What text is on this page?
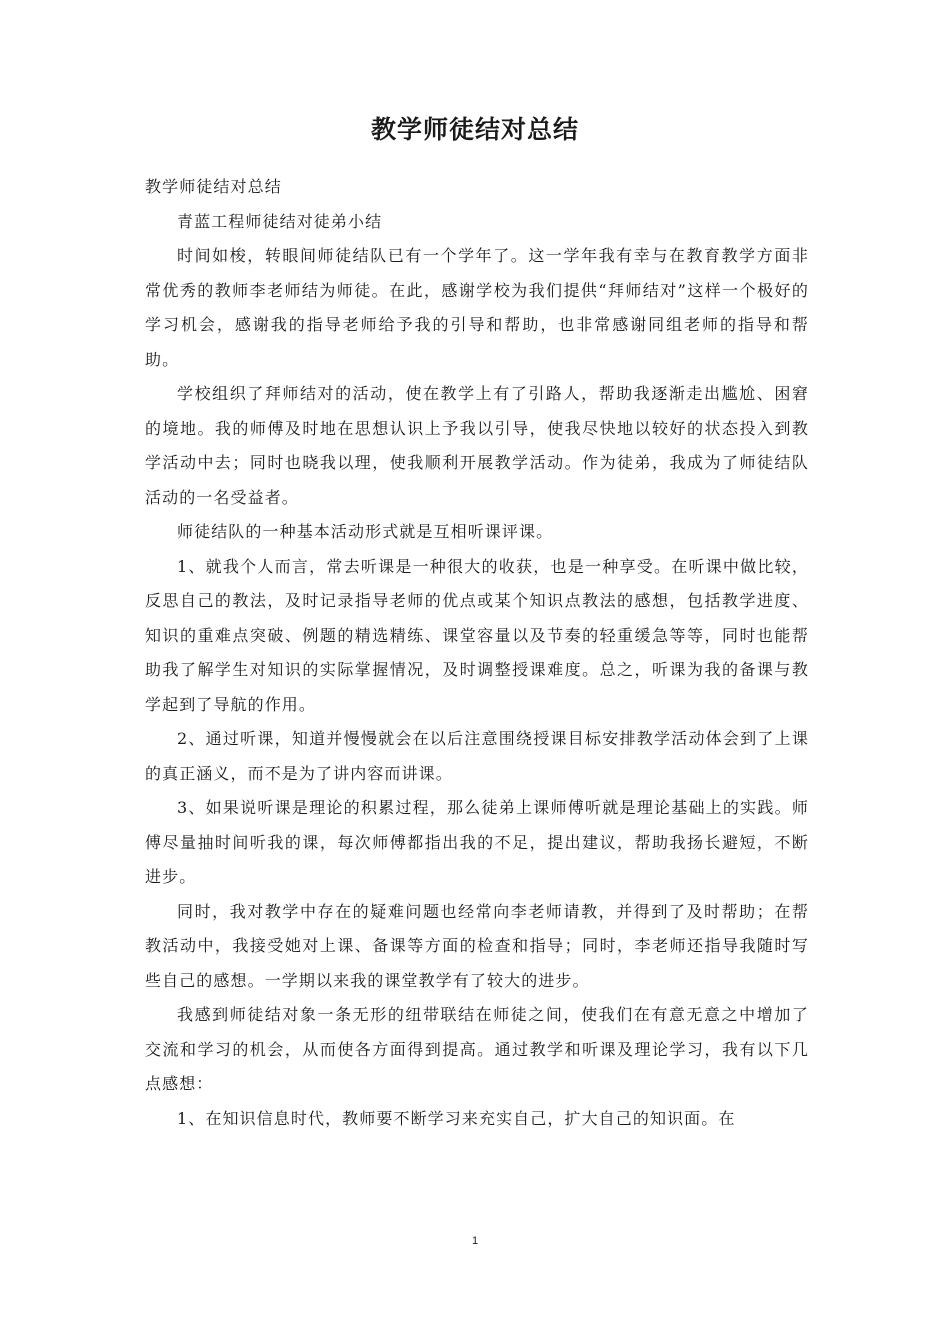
教学师徒结对总结

教学师徒结对总结

青蓝工程师徒结对徒弟小结

时间如梭，转眼间师徒结队已有一个学年了。这一学年我有幸与在教育教学方面非常优秀的教师李老师结为师徒。在此，感谢学校为我们提供“拜师结对”这样一个极好的学习机会，感谢我的指导老师给予我的引导和帮助，也非常感谢同组老师的指导和帮助。

学校组织了拜师结对的活动，使在教学上有了引路人，帮助我逐渐走出尴尬、困窘的境地。我的师傅及时地在思想认识上予我以引导，使我尽快地以较好的状态投入到教学活动中去；同时也晓我以理，使我顺利开展教学活动。作为徒弟，我成为了师徒结队活动的一名受益者。

师徒结队的一种基本活动形式就是互相听课评课。

1、就我个人而言，常去听课是一种很大的收获，也是一种享受。在听课中做比较，反思自己的教法，及时记录指导老师的优点或某个知识点教法的感想，包括教学进度、知识的重难点突破、例题的精选精练、课堂容量以及节奏的轻重缓急等等，同时也能帮助我了解学生对知识的实际掌握情况，及时调整授课难度。总之，听课为我的备课与教学起到了导航的作用。

2、通过听课，知道并慢慢就会在以后注意围绕授课目标安排教学活动体会到了上课的真正涵义，而不是为了讲内容而讲课。

3、如果说听课是理论的积累过程，那么徒弟上课师傅听就是理论基础上的实践。师傅尽量抽时间听我的课，每次师傅都指出我的不足，提出建议，帮助我扬长避短，不断进步。

同时，我对教学中存在的疑难问题也经常向李老师请教，并得到了及时帮助；在帮教活动中，我接受她对上课、备课等方面的检查和指导；同时，李老师还指导我随时写些自己的感想。一学期以来我的课堂教学有了较大的进步。

我感到师徒结对象一条无形的纽带联结在师徒之间，使我们在有意无意之中增加了交流和学习的机会，从而使各方面得到提高。通过教学和听课及理论学习，我有以下几点感想：

1、在知识信息时代，教师要不断学习来充实自己，扩大自己的知识面。在

1
